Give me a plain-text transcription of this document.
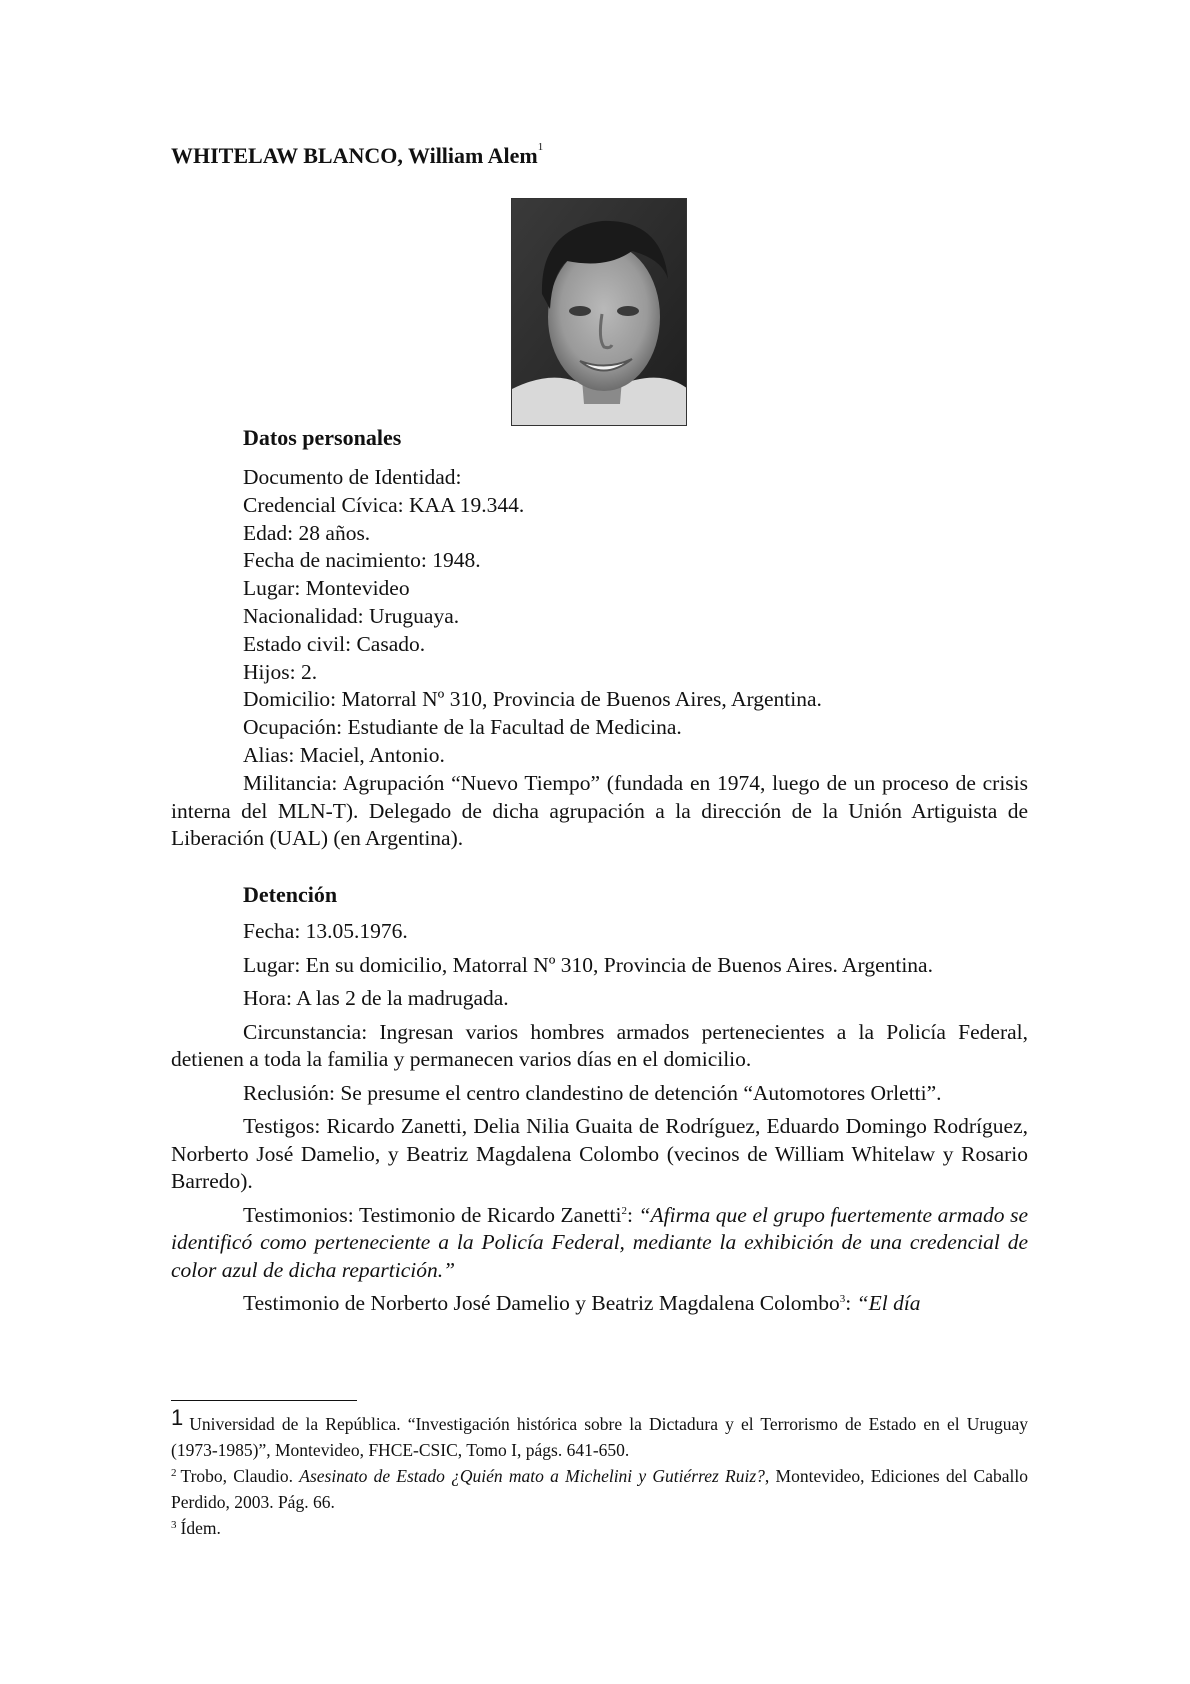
WHITELAW BLANCO, William Alem$^1$
Datos personales
Documento de Identidad:
Credencial Cívica: KAA 19.344.
Edad: 28 años.
Fecha de nacimiento: 1948.
Lugar: Montevideo
Nacionalidad: Uruguaya.
Estado civil: Casado.
Hijos: 2.
Domicilio: Matorral Nº 310, Provincia de Buenos Aires, Argentina.
Ocupación: Estudiante de la Facultad de Medicina.
Alias: Maciel, Antonio.

Militancia: Agrupación “Nuevo Tiempo” (fundada en 1974, luego de un proceso de crisis interna del MLN-T). Delegado de dicha agrupación a la dirección de la Unión Artiguista de Liberación (UAL) (en Argentina).

Detención

Fecha: 13.05.1976.

Lugar: En su domicilio, Matorral Nº 310, Provincia de Buenos Aires. Argentina.

Hora: A las 2 de la madrugada.

Circunstancia: Ingresan varios hombres armados pertenecientes a la Policía Federal, detienen a toda la familia y permanecen varios días en el domicilio.

Reclusión: Se presume el centro clandestino de detención “Automotores Orletti”.

Testigos: Ricardo Zanetti, Delia Nilia Guaita de Rodríguez, Eduardo Domingo Rodríguez, Norberto José Damelio, y Beatriz Magdalena Colombo (vecinos de William Whitelaw y Rosario Barredo).

Testimonios: Testimonio de Ricardo Zanetti$^2$: “Afirma que el grupo fuertemente armado se identificó como perteneciente a la Policía Federal, mediante la exhibición de una credencial de color azul de dicha repartición.”

Testimonio de Norberto José Damelio y Beatriz Magdalena Colombo$^3$: “El día

1 Universidad de la República. “Investigación histórica sobre la Dictadura y el Terrorismo de Estado en el Uruguay (1973-1985)”, Montevideo, FHCE-CSIC, Tomo I, págs. 641-650.

$^2$ Trobo, Claudio. Asesinato de Estado ¿Quién mato a Michelini y Gutiérrez Ruiz?, Montevideo, Ediciones del Caballo Perdido, 2003. Pág. 66.

$^3$ Ídem.
